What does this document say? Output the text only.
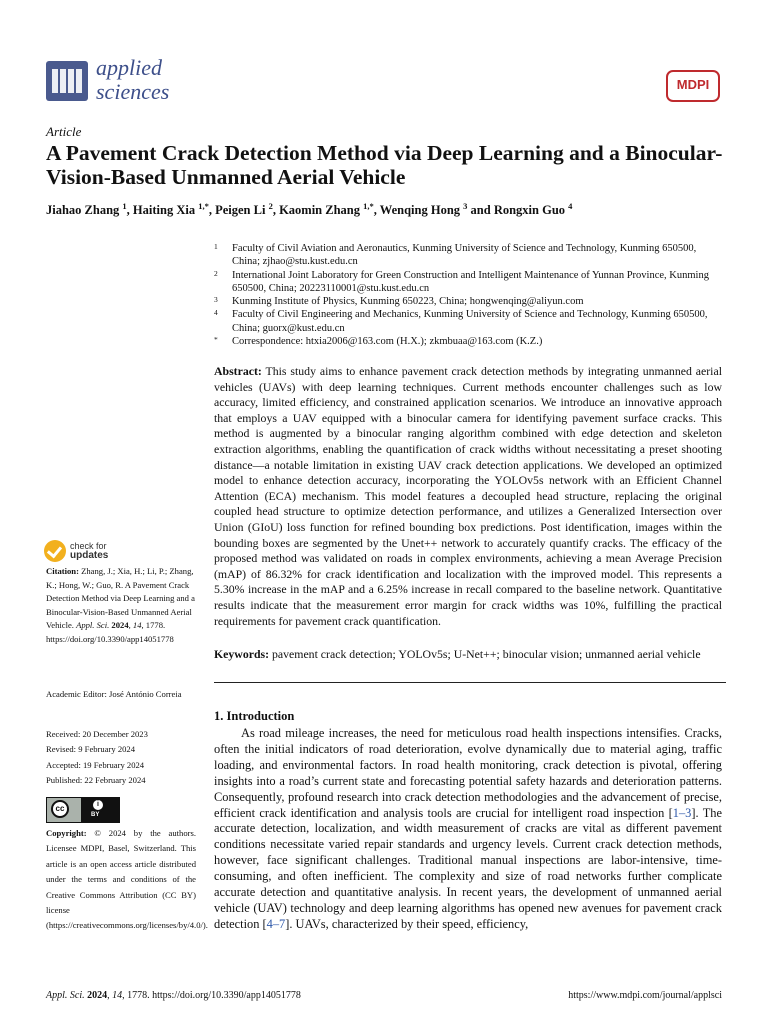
applied
sciences	MDPI
Article
A Pavement Crack Detection Method via Deep Learning and a Binocular-Vision-Based Unmanned Aerial Vehicle
Jiahao Zhang $^1$, Haiting Xia $^{1,*}$, Peigen Li $^2$, Kaomin Zhang $^{1,*}$, Wenqing Hong $^3$ and Rongxin Guo $^4$
1 Faculty of Civil Aviation and Aeronautics, Kunming University of Science and Technology, Kunming 650500, China; zjhao@stu.kust.edu.cn
2 International Joint Laboratory for Green Construction and Intelligent Maintenance of Yunnan Province, Kunming 650500, China; 20223110001@stu.kust.edu.cn
3 Kunming Institute of Physics, Kunming 650223, China; hongwenqing@aliyun.com
4 Faculty of Civil Engineering and Mechanics, Kunming University of Science and Technology, Kunming 650500, China; guorx@kust.edu.cn
* Correspondence: htxia2006@163.com (H.X.); zkmbuaa@163.com (K.Z.)

Abstract: This study aims to enhance pavement crack detection methods by integrating unmanned aerial vehicles (UAVs) with deep learning techniques. Current methods encounter challenges such as low accuracy, limited efficiency, and constrained application scenarios. We introduce an innovative approach that employs a UAV equipped with a binocular camera for identifying pavement surface cracks. This method is augmented by a binocular ranging algorithm combined with edge detection and skeleton extraction algorithms, enabling the quantification of crack widths without necessitating a preset shooting distance—a notable limitation in existing UAV crack detection applications. We developed an optimized model to enhance detection accuracy, incorporating the YOLOv5s network with an Efficient Channel Attention (ECA) mechanism. This model features a decoupled head structure, replacing the original coupled head structure to optimize detection performance, and utilizes a Generalized Intersection over Union (GIoU) loss function for refined bounding box predictions. Post identification, images within the bounding boxes are segmented by the Unet++ network to accurately quantify cracks. The efficacy of the proposed method was validated on roads in complex environments, achieving a mean Average Precision (mAP) of 86.32% for crack identification and localization with the improved model. This represents a 5.30% increase in the mAP and a 6.25% increase in recall compared to the baseline network. Quantitative results indicate that the measurement error margin for crack widths was 10%, fulfilling the practical requirements for pavement crack quantification.

Keywords: pavement crack detection; YOLOv5s; U-Net++; binocular vision; unmanned aerial vehicle

1. Introduction

As road mileage increases, the need for meticulous road health inspections intensifies. Cracks, often the initial indicators of road deterioration, evolve dynamically due to material aging, traffic loading, and environmental factors. In road health monitoring, crack detection is pivotal, offering insights into a road’s current state and forecasting potential safety hazards and deterioration patterns. Consequently, profound research into crack detection methodologies and the advancement of precise, efficient crack identification and analysis tools are crucial for intelligent road inspection [1–3]. The accurate detection, localization, and width measurement of cracks are vital as different pavement conditions necessitate varied repair standards and urgency levels. Current crack detection methods, however, face significant challenges. Traditional manual inspections are labor-intensive, time-consuming, and often inefficient. The complexity and size of road networks further complicate accurate detection and quantitative analysis. In recent years, the development of unmanned aerial vehicle (UAV) technology and deep learning algorithms has opened new avenues for pavement crack detection [4–7]. UAVs, characterized by their speed, efficiency,

check for
updates

Citation: Zhang, J.; Xia, H.; Li, P.; Zhang, K.; Hong, W.; Guo, R. A Pavement Crack Detection Method via Deep Learning and a Binocular-Vision-Based Unmanned Aerial Vehicle. Appl. Sci. 2024, 14, 1778. https://doi.org/10.3390/app14051778

Academic Editor: José António Correia

Received: 20 December 2023
Revised: 9 February 2024
Accepted: 19 February 2024
Published: 22 February 2024
cc	i
BY

Copyright: © 2024 by the authors. Licensee MDPI, Basel, Switzerland. This article is an open access article distributed under the terms and conditions of the Creative Commons Attribution (CC BY) license (https://creativecommons.org/licenses/by/4.0/).

Appl. Sci. 2024, 14, 1778. https://doi.org/10.3390/app14051778	https://www.mdpi.com/journal/applsci
